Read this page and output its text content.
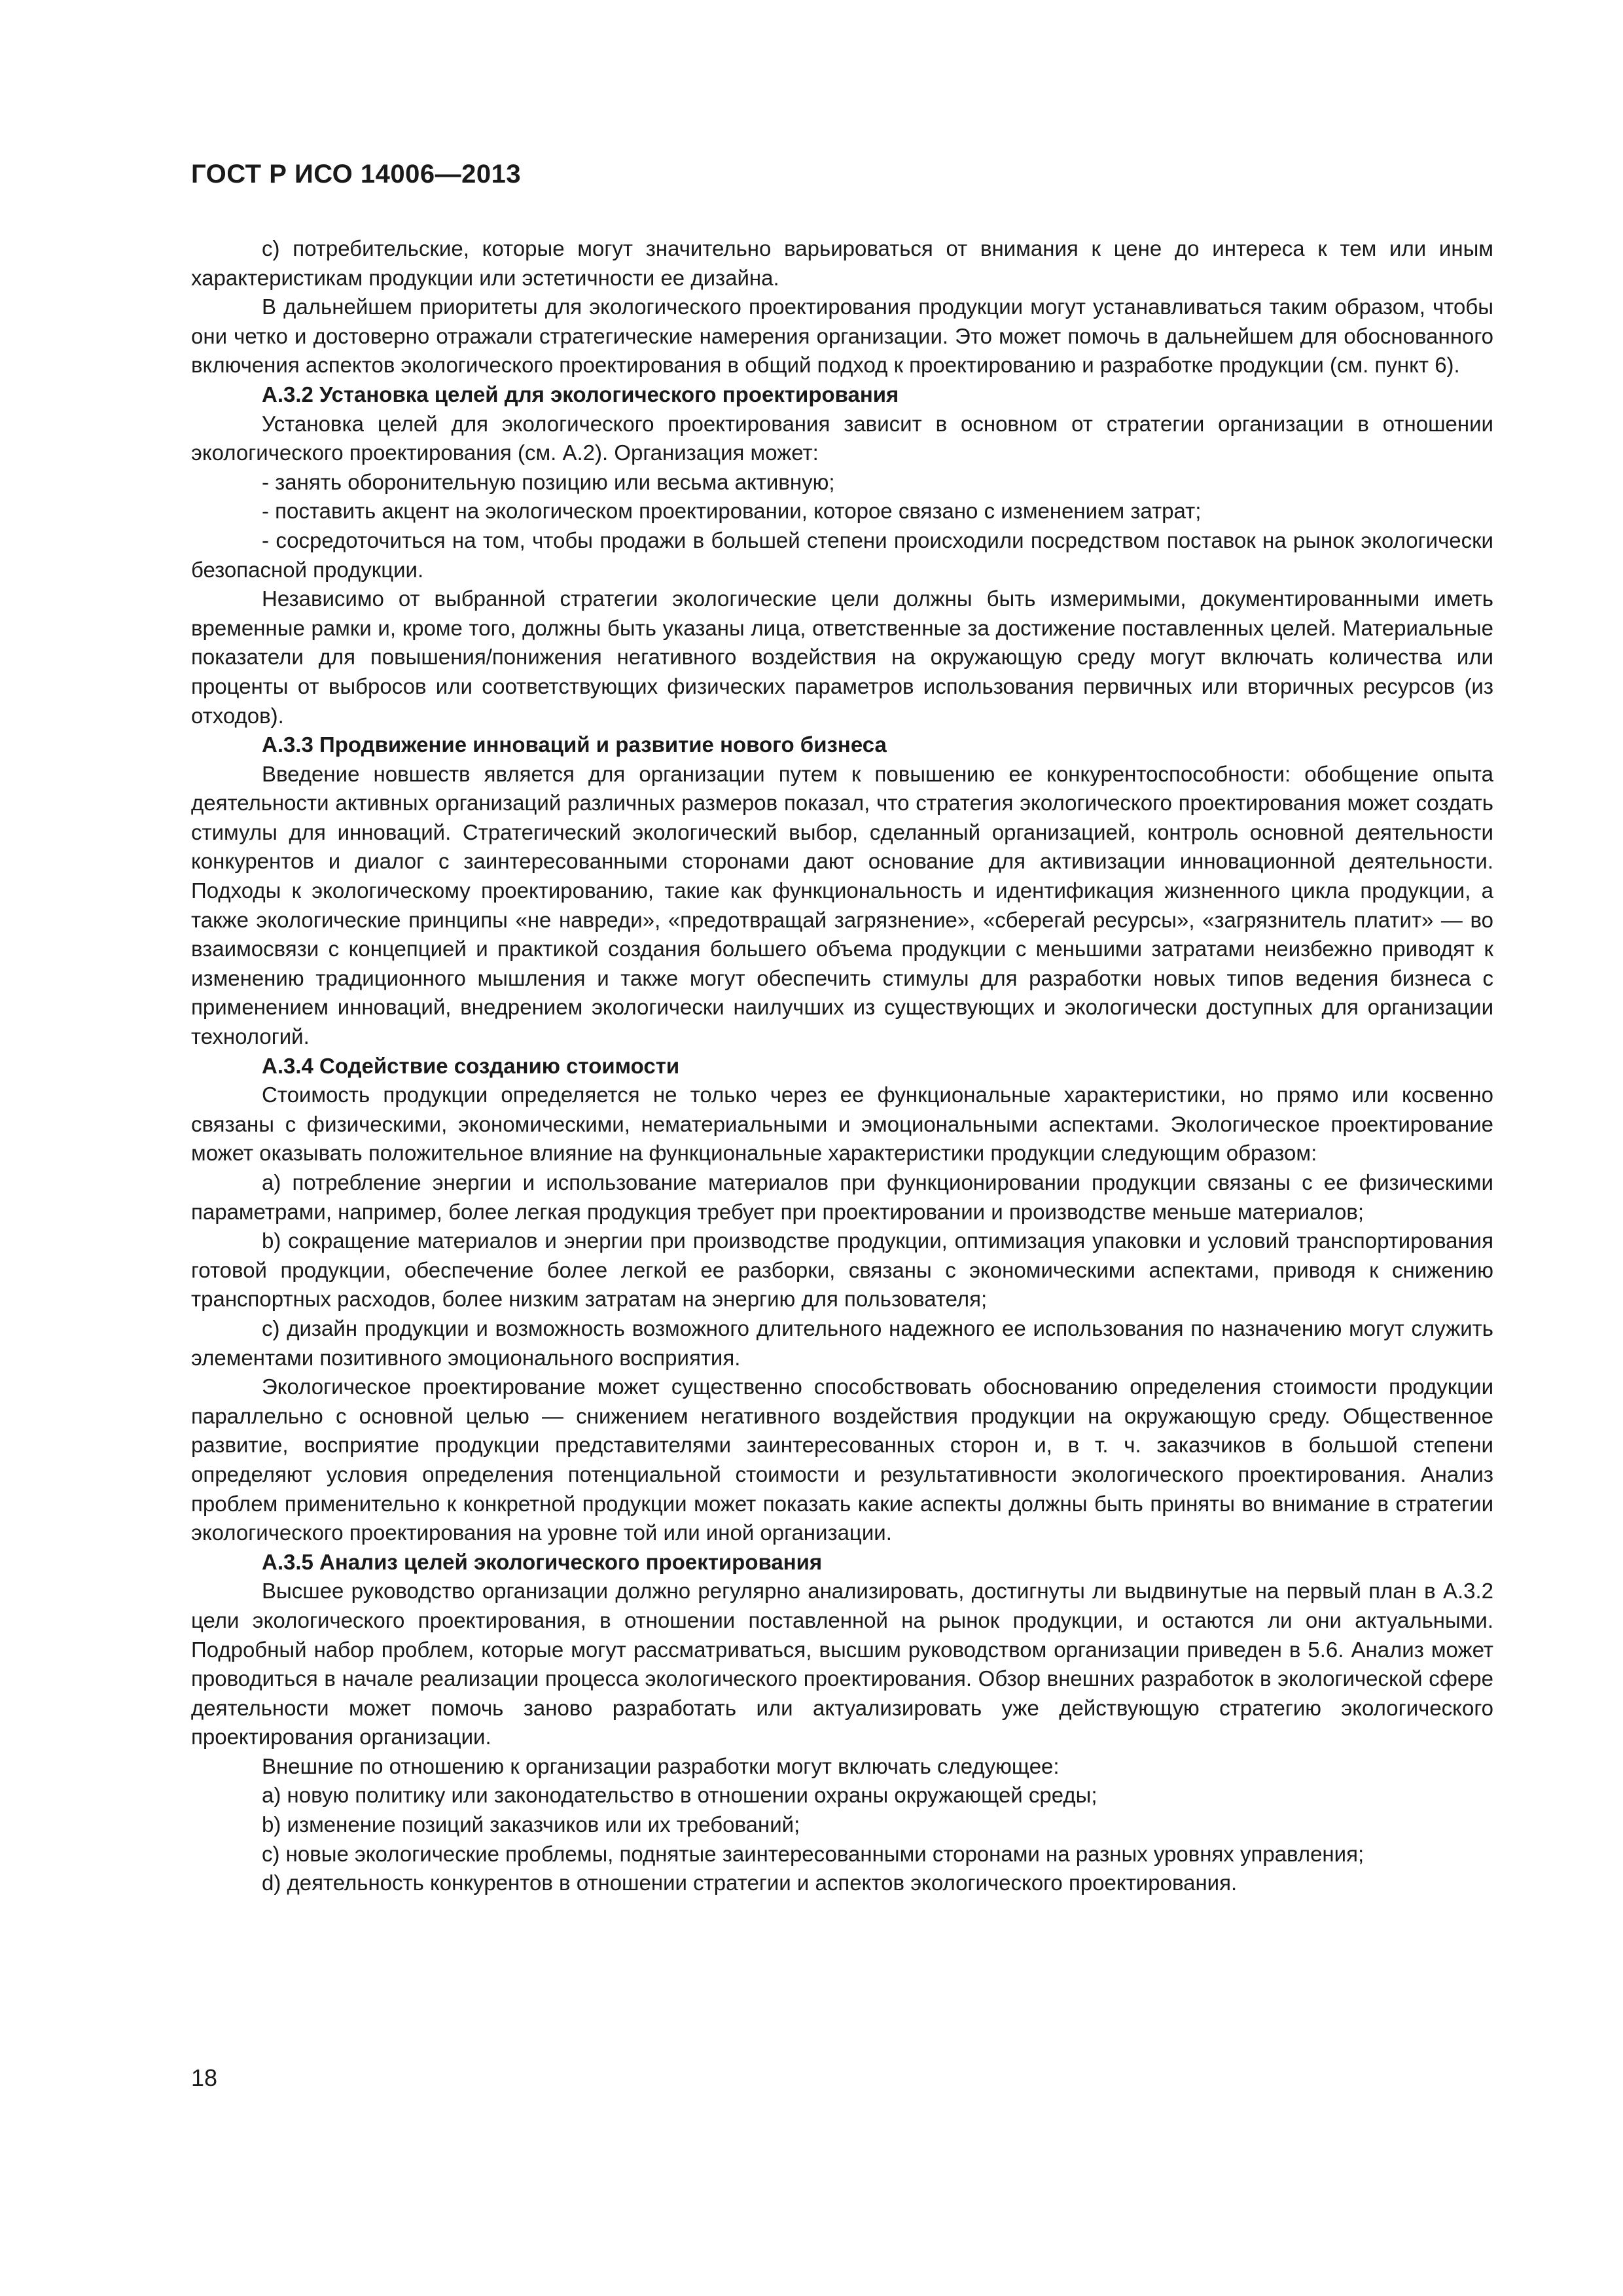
ГОСТ Р ИСО 14006—2013

c) потребительские, которые могут значительно варьироваться от внимания к цене до интереса к тем или иным характеристикам продукции или эстетичности ее дизайна.

В дальнейшем приоритеты для экологического проектирования продукции могут устанавливаться таким образом, чтобы они четко и достоверно отражали стратегические намерения организации. Это может помочь в дальнейшем для обоснованного включения аспектов экологического проектирования в общий подход к проектированию и разработке продукции (см. пункт 6).

А.3.2 Установка целей для экологического проектирования

Установка целей для экологического проектирования зависит в основном от стратегии организации в отношении экологического проектирования (см. А.2). Организация может:

- занять оборонительную позицию или весьма активную;

- поставить акцент на экологическом проектировании, которое связано с изменением затрат;

- сосредоточиться на том, чтобы продажи в большей степени происходили посредством поставок на рынок экологически безопасной продукции.

Независимо от выбранной стратегии экологические цели должны быть измеримыми, документированными иметь временные рамки и, кроме того, должны быть указаны лица, ответственные за достижение поставленных целей. Материальные показатели для повышения/понижения негативного воздействия на окружающую среду могут включать количества или проценты от выбросов или соответствующих физических параметров использования первичных или вторичных ресурсов (из отходов).

А.3.3 Продвижение инноваций и развитие нового бизнеса

Введение новшеств является для организации путем к повышению ее конкурентоспособности: обобщение опыта деятельности активных организаций различных размеров показал, что стратегия экологического проектирования может создать стимулы для инноваций. Стратегический экологический выбор, сделанный организацией, контроль основной деятельности конкурентов и диалог с заинтересованными сторонами дают основание для активизации инновационной деятельности. Подходы к экологическому проектированию, такие как функциональность и идентификация жизненного цикла продукции, а также экологические принципы «не навреди», «предотвращай загрязнение», «сберегай ресурсы», «загрязнитель платит» — во взаимосвязи с концепцией и практикой создания большего объема продукции с меньшими затратами неизбежно приводят к изменению традиционного мышления и также могут обеспечить стимулы для разработки новых типов ведения бизнеса с применением инноваций, внедрением экологически наилучших из существующих и экологически доступных для организации технологий.

А.3.4 Содействие созданию стоимости

Стоимость продукции определяется не только через ее функциональные характеристики, но прямо или косвенно связаны с физическими, экономическими, нематериальными и эмоциональными аспектами. Экологическое проектирование может оказывать положительное влияние на функциональные характеристики продукции следующим образом:

a) потребление энергии и использование материалов при функционировании продукции связаны с ее физическими параметрами, например, более легкая продукция требует при проектировании и производстве меньше материалов;

b) сокращение материалов и энергии при производстве продукции, оптимизация упаковки и условий транспортирования готовой продукции, обеспечение более легкой ее разборки, связаны с экономическими аспектами, приводя к снижению транспортных расходов, более низким затратам на энергию для пользователя;

c) дизайн продукции и возможность возможного длительного надежного ее использования по назначению могут служить элементами позитивного эмоционального восприятия.

Экологическое проектирование может существенно способствовать обоснованию определения стоимости продукции параллельно с основной целью — снижением негативного воздействия продукции на окружающую среду. Общественное развитие, восприятие продукции представителями заинтересованных сторон и, в т. ч. заказчиков в большой степени определяют условия определения потенциальной стоимости и результативности экологического проектирования. Анализ проблем применительно к конкретной продукции может показать какие аспекты должны быть приняты во внимание в стратегии экологического проектирования на уровне той или иной организации.

А.3.5 Анализ целей экологического проектирования

Высшее руководство организации должно регулярно анализировать, достигнуты ли выдвинутые на первый план в А.3.2 цели экологического проектирования, в отношении поставленной на рынок продукции, и остаются ли они актуальными. Подробный набор проблем, которые могут рассматриваться, высшим руководством организации приведен в 5.6. Анализ может проводиться в начале реализации процесса экологического проектирования. Обзор внешних разработок в экологической сфере деятельности может помочь заново разработать или актуализировать уже действующую стратегию экологического проектирования организации.

Внешние по отношению к организации разработки могут включать следующее:

a) новую политику или законодательство в отношении охраны окружающей среды;

b) изменение позиций заказчиков или их требований;

c) новые экологические проблемы, поднятые заинтересованными сторонами на разных уровнях управления;

d) деятельность конкурентов в отношении стратегии и аспектов экологического проектирования.

18
